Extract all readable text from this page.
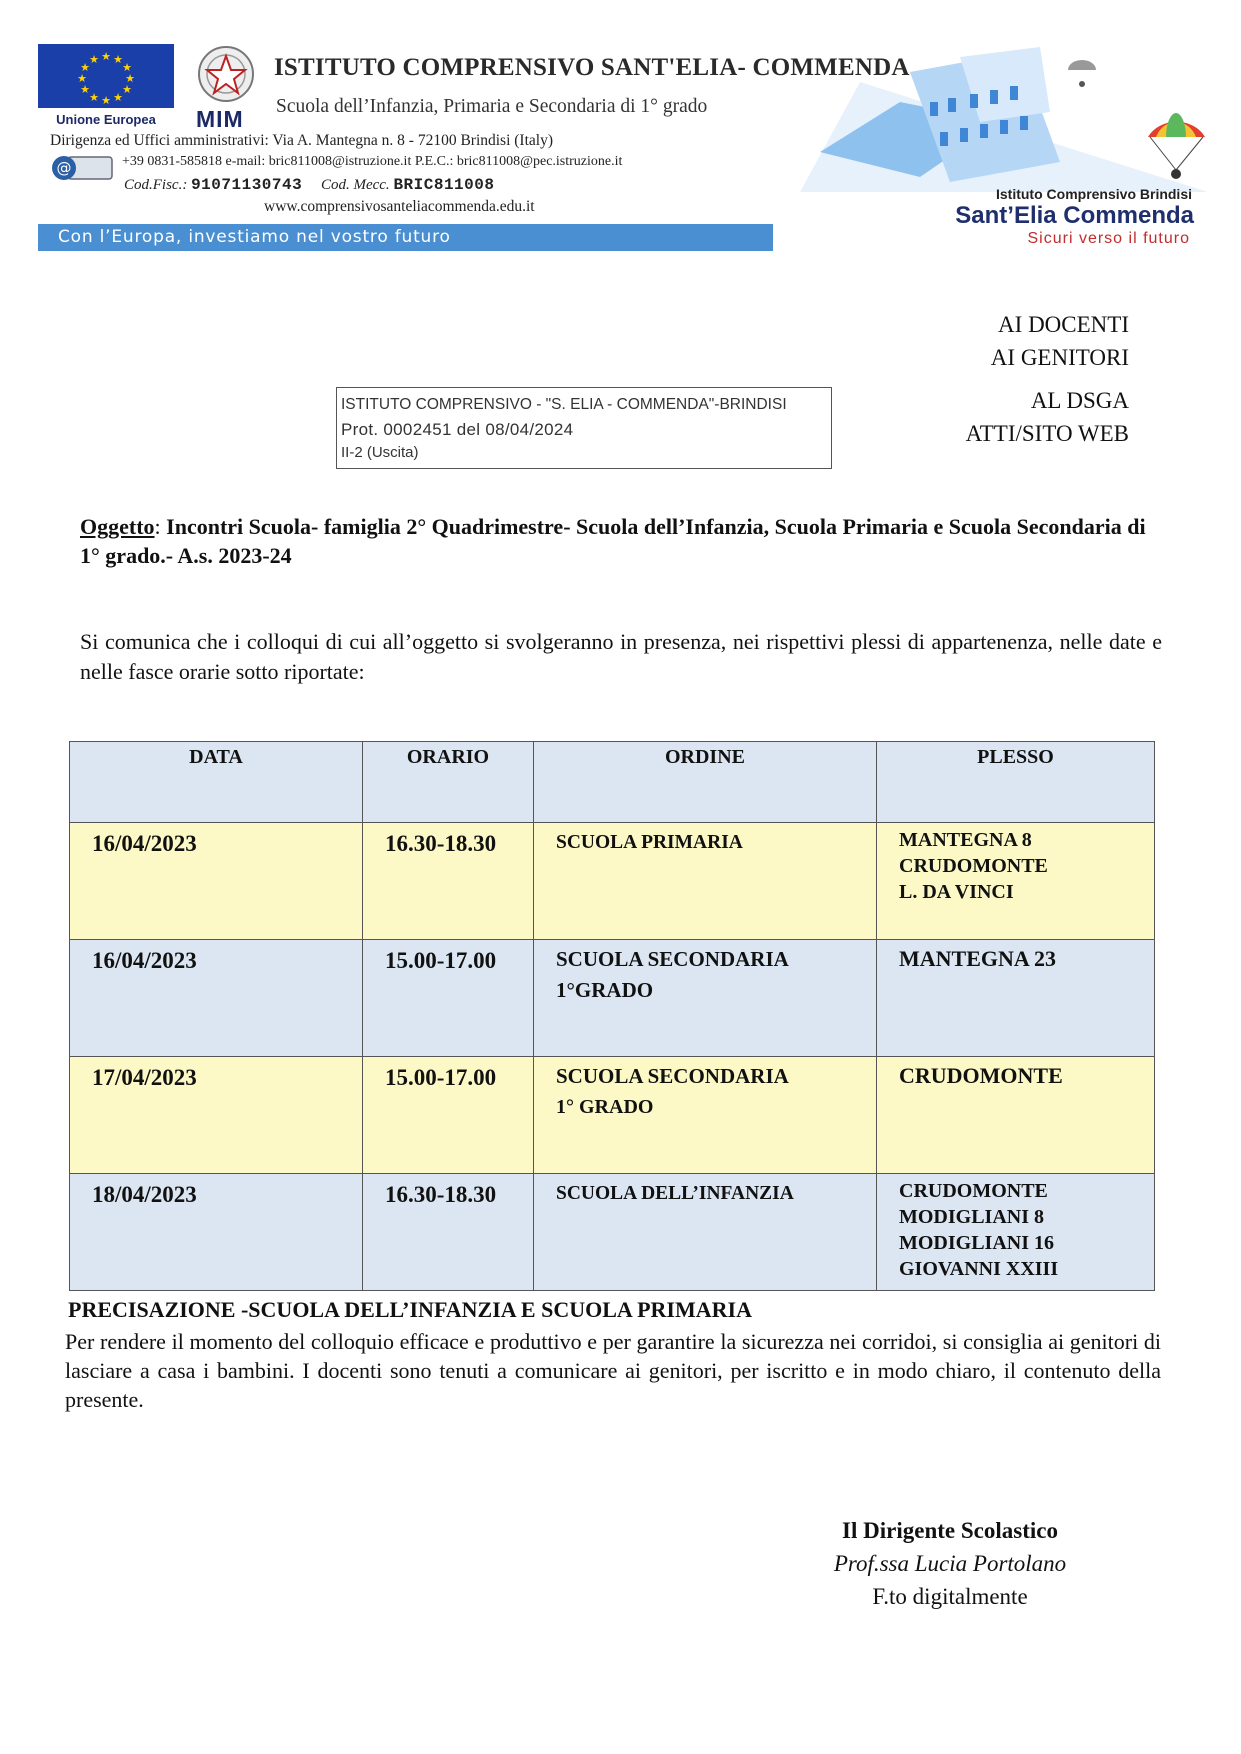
★ ★
★
★
★
★
★
★
★
★
★
★
Unione Europea	MIM
ISTITUTO COMPRENSIVO SANT'ELIA- COMMENDA
Scuola dell’Infanzia, Primaria e Secondaria di 1° grado
Dirigenza ed Uffici amministrativi: Via A. Mantegna n. 8 - 72100 Brindisi (Italy)
@	+39 0831-585818 e-mail: bric811008@istruzione.it P.E.C.: bric811008@pec.istruzione.it
Cod.Fisc.: 91071130743 Cod. Mecc. BRIC811008
www.comprensivosanteliacommenda.edu.it
Con l’Europa, investiamo nel vostro futuro
Istituto Comprensivo Brindisi
Sant’Elia Commenda
Sicuri verso il futuro
AI DOCENTI
AI GENITORI
AL DSGA
ATTI/SITO WEB
ISTITUTO COMPRENSIVO - "S. ELIA - COMMENDA"-BRINDISI
Prot. 0002451 del 08/04/2024
II-2 (Uscita)
Oggetto: Incontri Scuola- famiglia 2° Quadrimestre- Scuola dell’Infanzia, Scuola Primaria e Scuola Secondaria di 1° grado.- A.s. 2023-24
Si comunica che i colloqui di cui all’oggetto si svolgeranno in presenza, nei rispettivi plessi di appartenenza, nelle date e nelle fasce orarie sotto riportate:
DATA	ORARIO	ORDINE	PLESSO
16/04/2023	16.30-18.30	SCUOLA PRIMARIA	MANTEGNA 8
CRUDOMONTE
L. DA VINCI

16/04/2023	15.00-17.00	SCUOLA SECONDARIA
1°GRADO	MANTEGNA 23

17/04/2023	15.00-17.00	SCUOLA SECONDARIA
1° GRADO	CRUDOMONTE

18/04/2023	16.30-18.30	SCUOLA DELL’INFANZIA	CRUDOMONTE
MODIGLIANI 8
MODIGLIANI 16
GIOVANNI XXIII
PRECISAZIONE -SCUOLA DELL’INFANZIA E SCUOLA PRIMARIA
Per rendere il momento del colloquio efficace e produttivo e per garantire la sicurezza nei corridoi, si consiglia ai genitori di lasciare a casa i bambini. I docenti sono tenuti a comunicare ai genitori, per iscritto e in modo chiaro, il contenuto della presente.
Il Dirigente Scolastico
Prof.ssa Lucia Portolano
F.to digitalmente
